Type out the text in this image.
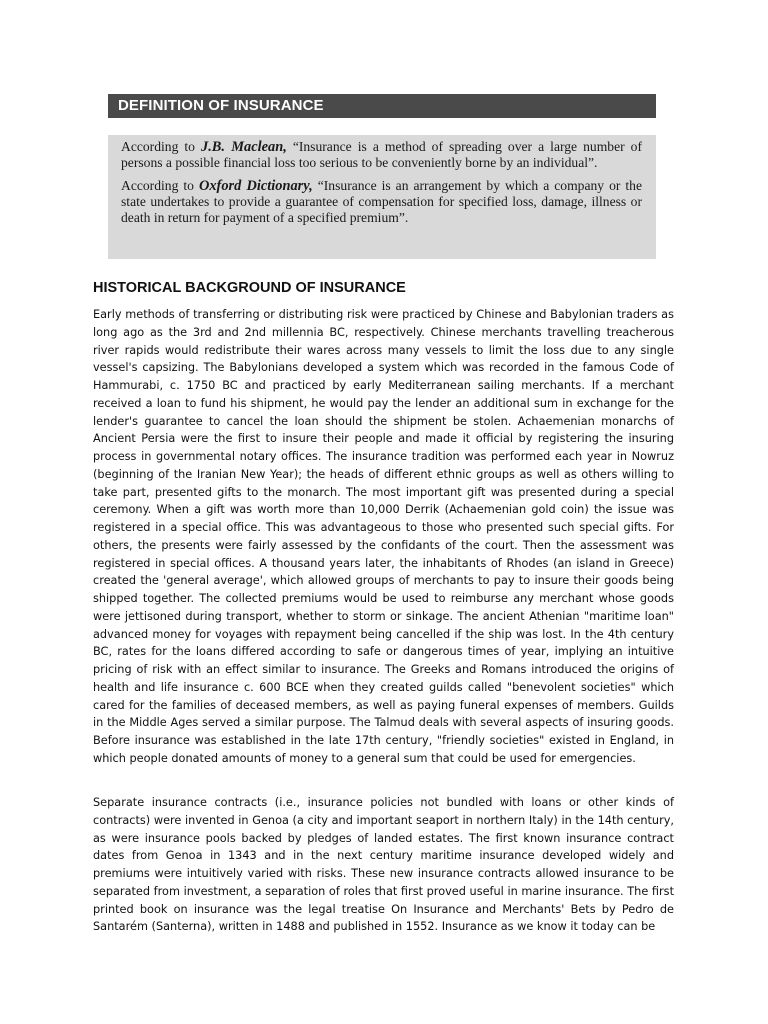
DEFINITION OF INSURANCE

According to J.B. Maclean, “Insurance is a method of spreading over a large number of persons a possible financial loss too serious to be conveniently borne by an individual”.

According to Oxford Dictionary, “Insurance is an arrangement by which a company or the state undertakes to provide a guarantee of compensation for specified loss, damage, illness or death in return for payment of a specified premium”.

HISTORICAL BACKGROUND OF INSURANCE

Early methods of transferring or distributing risk were practiced by Chinese and Babylonian traders as long ago as the 3rd and 2nd millennia BC, respectively. Chinese merchants travelling treacherous river rapids would redistribute their wares across many vessels to limit the loss due to any single vessel's capsizing. The Babylonians developed a system which was recorded in the famous Code of Hammurabi, c. 1750 BC and practiced by early Mediterranean sailing merchants. If a merchant received a loan to fund his shipment, he would pay the lender an additional sum in exchange for the lender's guarantee to cancel the loan should the shipment be stolen. Achaemenian monarchs of Ancient Persia were the first to insure their people and made it official by registering the insuring process in governmental notary offices. The insurance tradition was performed each year in Nowruz (beginning of the Iranian New Year); the heads of different ethnic groups as well as others willing to take part, presented gifts to the monarch. The most important gift was presented during a special ceremony. When a gift was worth more than 10,000 Derrik (Achaemenian gold coin) the issue was registered in a special office. This was advantageous to those who presented such special gifts. For others, the presents were fairly assessed by the confidants of the court. Then the assessment was registered in special offices. A thousand years later, the inhabitants of Rhodes (an island in Greece) created the 'general average', which allowed groups of merchants to pay to insure their goods being shipped together. The collected premiums would be used to reimburse any merchant whose goods were jettisoned during transport, whether to storm or sinkage. The ancient Athenian "maritime loan" advanced money for voyages with repayment being cancelled if the ship was lost. In the 4th century BC, rates for the loans differed according to safe or dangerous times of year, implying an intuitive pricing of risk with an effect similar to insurance. The Greeks and Romans introduced the origins of health and life insurance c. 600 BCE when they created guilds called "benevolent societies" which cared for the families of deceased members, as well as paying funeral expenses of members. Guilds in the Middle Ages served a similar purpose. The Talmud deals with several aspects of insuring goods. Before insurance was established in the late 17th century, "friendly societies" existed in England, in which people donated amounts of money to a general sum that could be used for emergencies.

Separate insurance contracts (i.e., insurance policies not bundled with loans or other kinds of contracts) were invented in Genoa (a city and important seaport in northern Italy) in the 14th century, as were insurance pools backed by pledges of landed estates. The first known insurance contract dates from Genoa in 1343 and in the next century maritime insurance developed widely and premiums were intuitively varied with risks. These new insurance contracts allowed insurance to be separated from investment, a separation of roles that first proved useful in marine insurance. The first printed book on insurance was the legal treatise On Insurance and Merchants' Bets by Pedro de Santarém (Santerna), written in 1488 and published in 1552. Insurance as we know it today can be
